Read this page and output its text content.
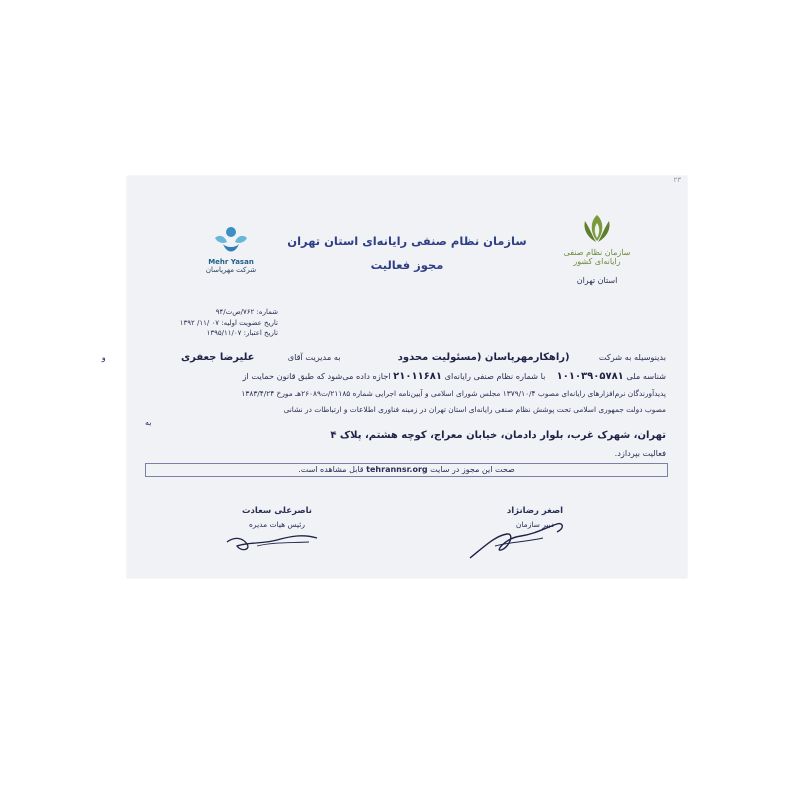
۲۳
سازمان نظام صنفی رایانه‌ای کشور
استان تهران
Mehr Yasan
شرکت مهرپاسان
سازمان نظام صنفی رایانه‌ای استان تهران
مجوز فعالیت
شماره: ۷۶۲/ص‌ت/۹۴
تاریخ عضویت اولیه: ۰۷ /۱۱/ ۱۳۹۲
تاریخ اعتبار: ۱۳۹۵/۱۱/۰۷
بدینوسیله به شرکت  (راهکارمهرپاسان (مسئولیت محدود  به مدیریت آقای  علیرضا جعفری  و
شناسه ملی ۱۰۱۰۳۹۰۵۷۸۱  با شماره نظام صنفی رایانه‌ای ۲۱۰۱۱۶۸۱ اجازه داده می‌شود که طبق قانون حمایت از
پدیدآورندگان نرم‌افزارهای رایانه‌ای مصوب ۱۳۷۹/۱۰/۴ مجلس شورای اسلامی و آیین‌نامه اجرایی شماره ۲۱۱۸۵/ت۲۶۰۸۹هـ مورخ ۱۳۸۳/۴/۲۴
مصوب دولت جمهوری اسلامی تحت پوشش نظام صنفی رایانه‌ای استان تهران در زمینه فناوری اطلاعات و ارتباطات در نشانی
تهران، شهرک غرب، بلوار دادمان، خیابان معراج، کوچه هشتم، پلاک ۴
به
فعالیت بپردازد.
صحت این مجوز در سایت tehrannsr.org قابل مشاهده است.
اصغر رضانژاد
دبیر سازمان
ناصرعلی سعادت
رئیس هیات مدیره
